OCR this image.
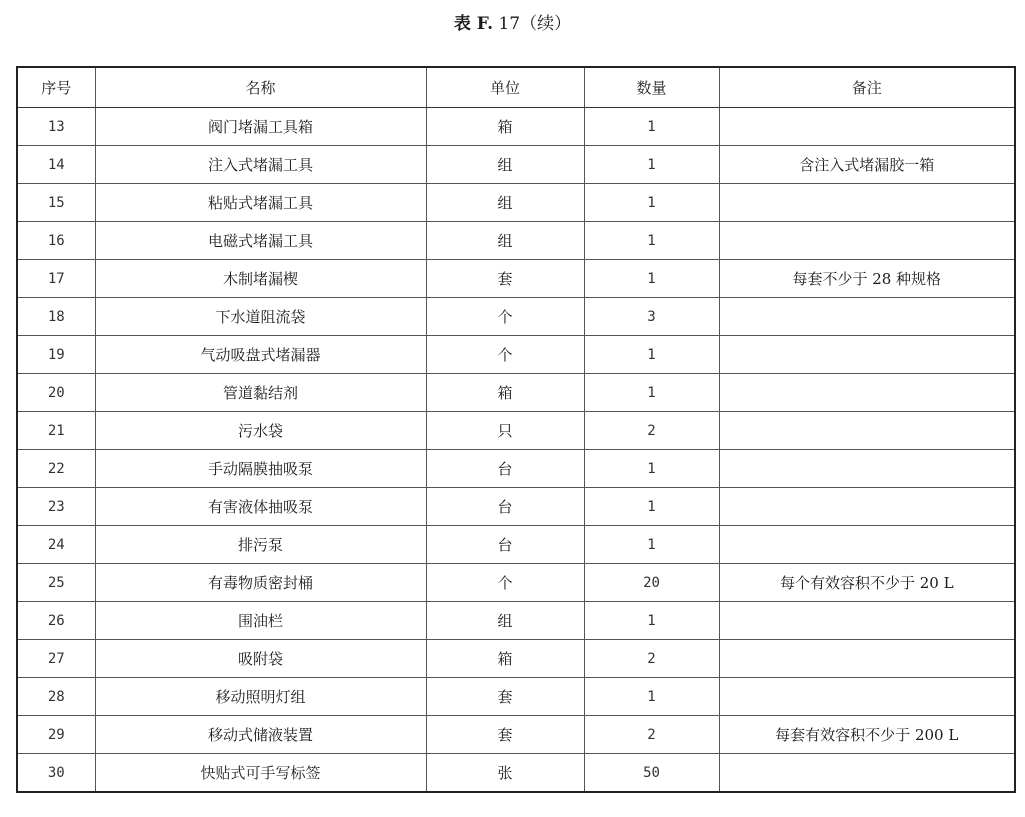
表 F. 17（续）
序号	名称	单位	数量	备注
13	阀门堵漏工具箱	箱	1	
14	注入式堵漏工具	组	1	含注入式堵漏胶一箱
15	粘贴式堵漏工具	组	1	
16	电磁式堵漏工具	组	1	
17	木制堵漏楔	套	1	每套不少于 28 种规格
18	下水道阻流袋	个	3	
19	气动吸盘式堵漏器	个	1	
20	管道黏结剂	箱	1	
21	污水袋	只	2	
22	手动隔膜抽吸泵	台	1	
23	有害液体抽吸泵	台	1	
24	排污泵	台	1	
25	有毒物质密封桶	个	20	每个有效容积不少于 20 L
26	围油栏	组	1	
27	吸附袋	箱	2	
28	移动照明灯组	套	1	
29	移动式储液装置	套	2	每套有效容积不少于 200 L
30	快贴式可手写标签	张	50	
